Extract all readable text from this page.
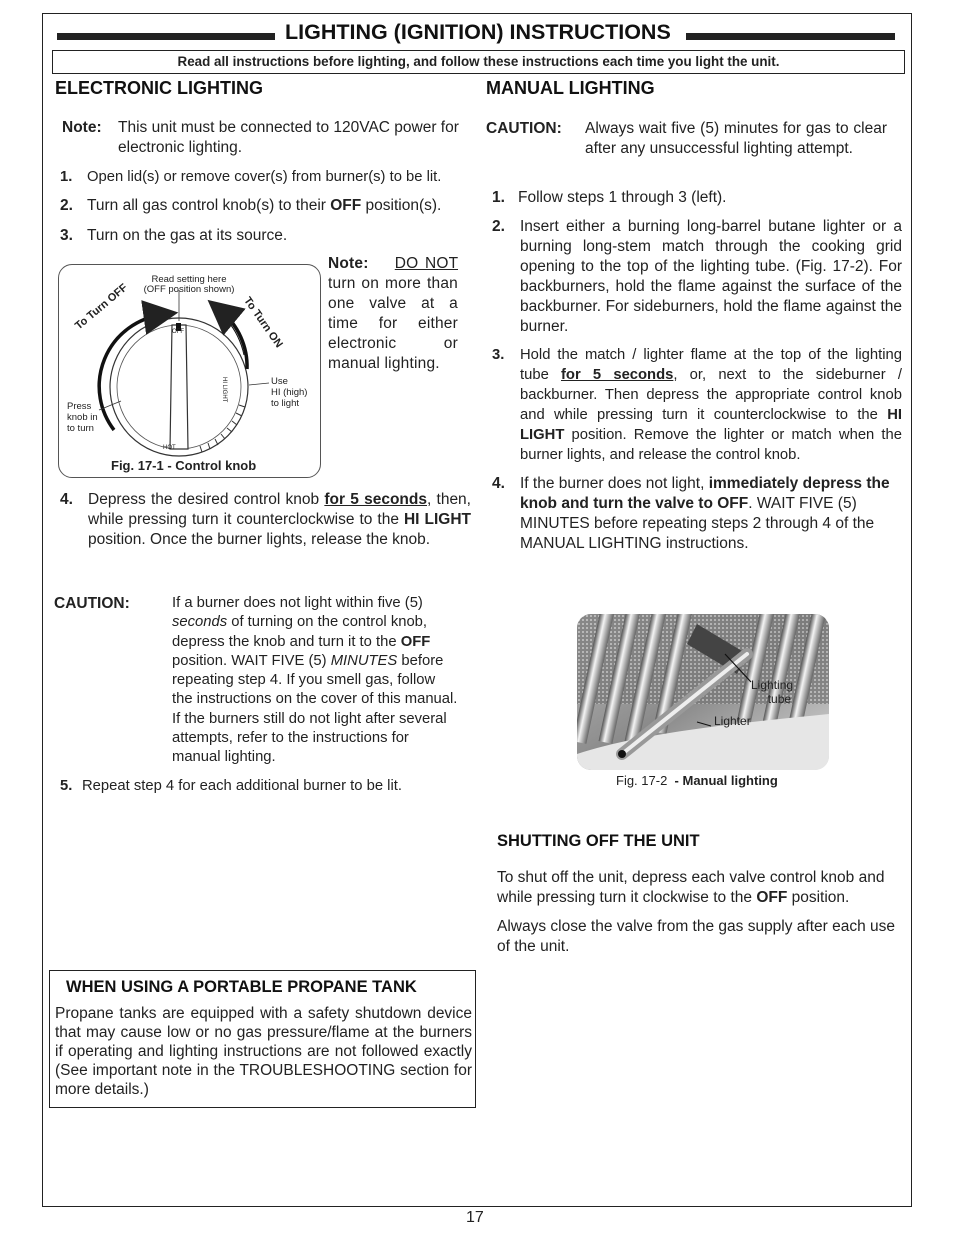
LIGHTING (IGNITION) INSTRUCTIONS
Read all instructions before lighting, and follow these instructions each time you light the unit.
ELECTRONIC LIGHTING
Note: This unit must be connected to 120VAC power for electronic lighting.
1. Open lid(s) or remove cover(s) from burner(s) to be lit.
2. Turn all gas control knob(s) to their OFF position(s).
3. Turn on the gas at its source.
Read setting here
(OFF position shown)
To Turn OFF	To Turn ON
OFF
HI LIGHT
HOT
Press
knob in
to turn
Use
HI (high)
to light
Fig. 17-1 - Control knob
Note: DO NOT turn on more than one valve at a time for either electronic or manual lighting.
4. Depress the desired control knob for 5 seconds, then, while pressing turn it counterclockwise to the HI LIGHT position. Once the burner lights, release the knob.
CAUTION:	If a burner does not light within five (5) seconds of turning on the control knob, depress the knob and turn it to the OFF position. WAIT FIVE (5) MINUTES before repeating step 4. If you smell gas, follow the instructions on the cover of this manual. If the burners still do not light after several attempts, refer to the instructions for manual lighting.
5. Repeat step 4 for each additional burner to be lit.
WHEN USING A PORTABLE PROPANE TANK
Propane tanks are equipped with a safety shutdown device that may cause low or no gas pressure/flame at the burners if operating and lighting instructions are not followed exactly (See important note in the TROUBLESHOOTING section for more details.)
MANUAL LIGHTING
CAUTION: Always wait five (5) minutes for gas to clear after any unsuccessful lighting attempt.
1. Follow steps 1 through 3 (left).
2. Insert either a burning long-barrel butane lighter or a burning long-stem match through the cooking grid opening to the top of the lighting tube. (Fig. 17-2). For backburners, hold the flame against the surface of the backburner. For sideburners, hold the flame against the burner.
3.	Hold the match / lighter flame at the top of the lighting tube for 5 seconds, or, next to the sideburner / backburner. Then depress the appropriate control knob and while pressing turn it counterclockwise to the HI LIGHT position. Remove the lighter or match when the burner lights, and release the control knob.
4. If the burner does not light, immediately depress the knob and turn the valve to OFF. WAIT FIVE (5) MINUTES before repeating steps 2 through 4 of the MANUAL LIGHTING instructions.
Lighting
tube
Lighter
Fig. 17-2 - Manual lighting
SHUTTING OFF THE UNIT
To shut off the unit, depress each valve control knob and while pressing turn it clockwise to the OFF position.
Always close the valve from the gas supply after each use of the unit.
17
